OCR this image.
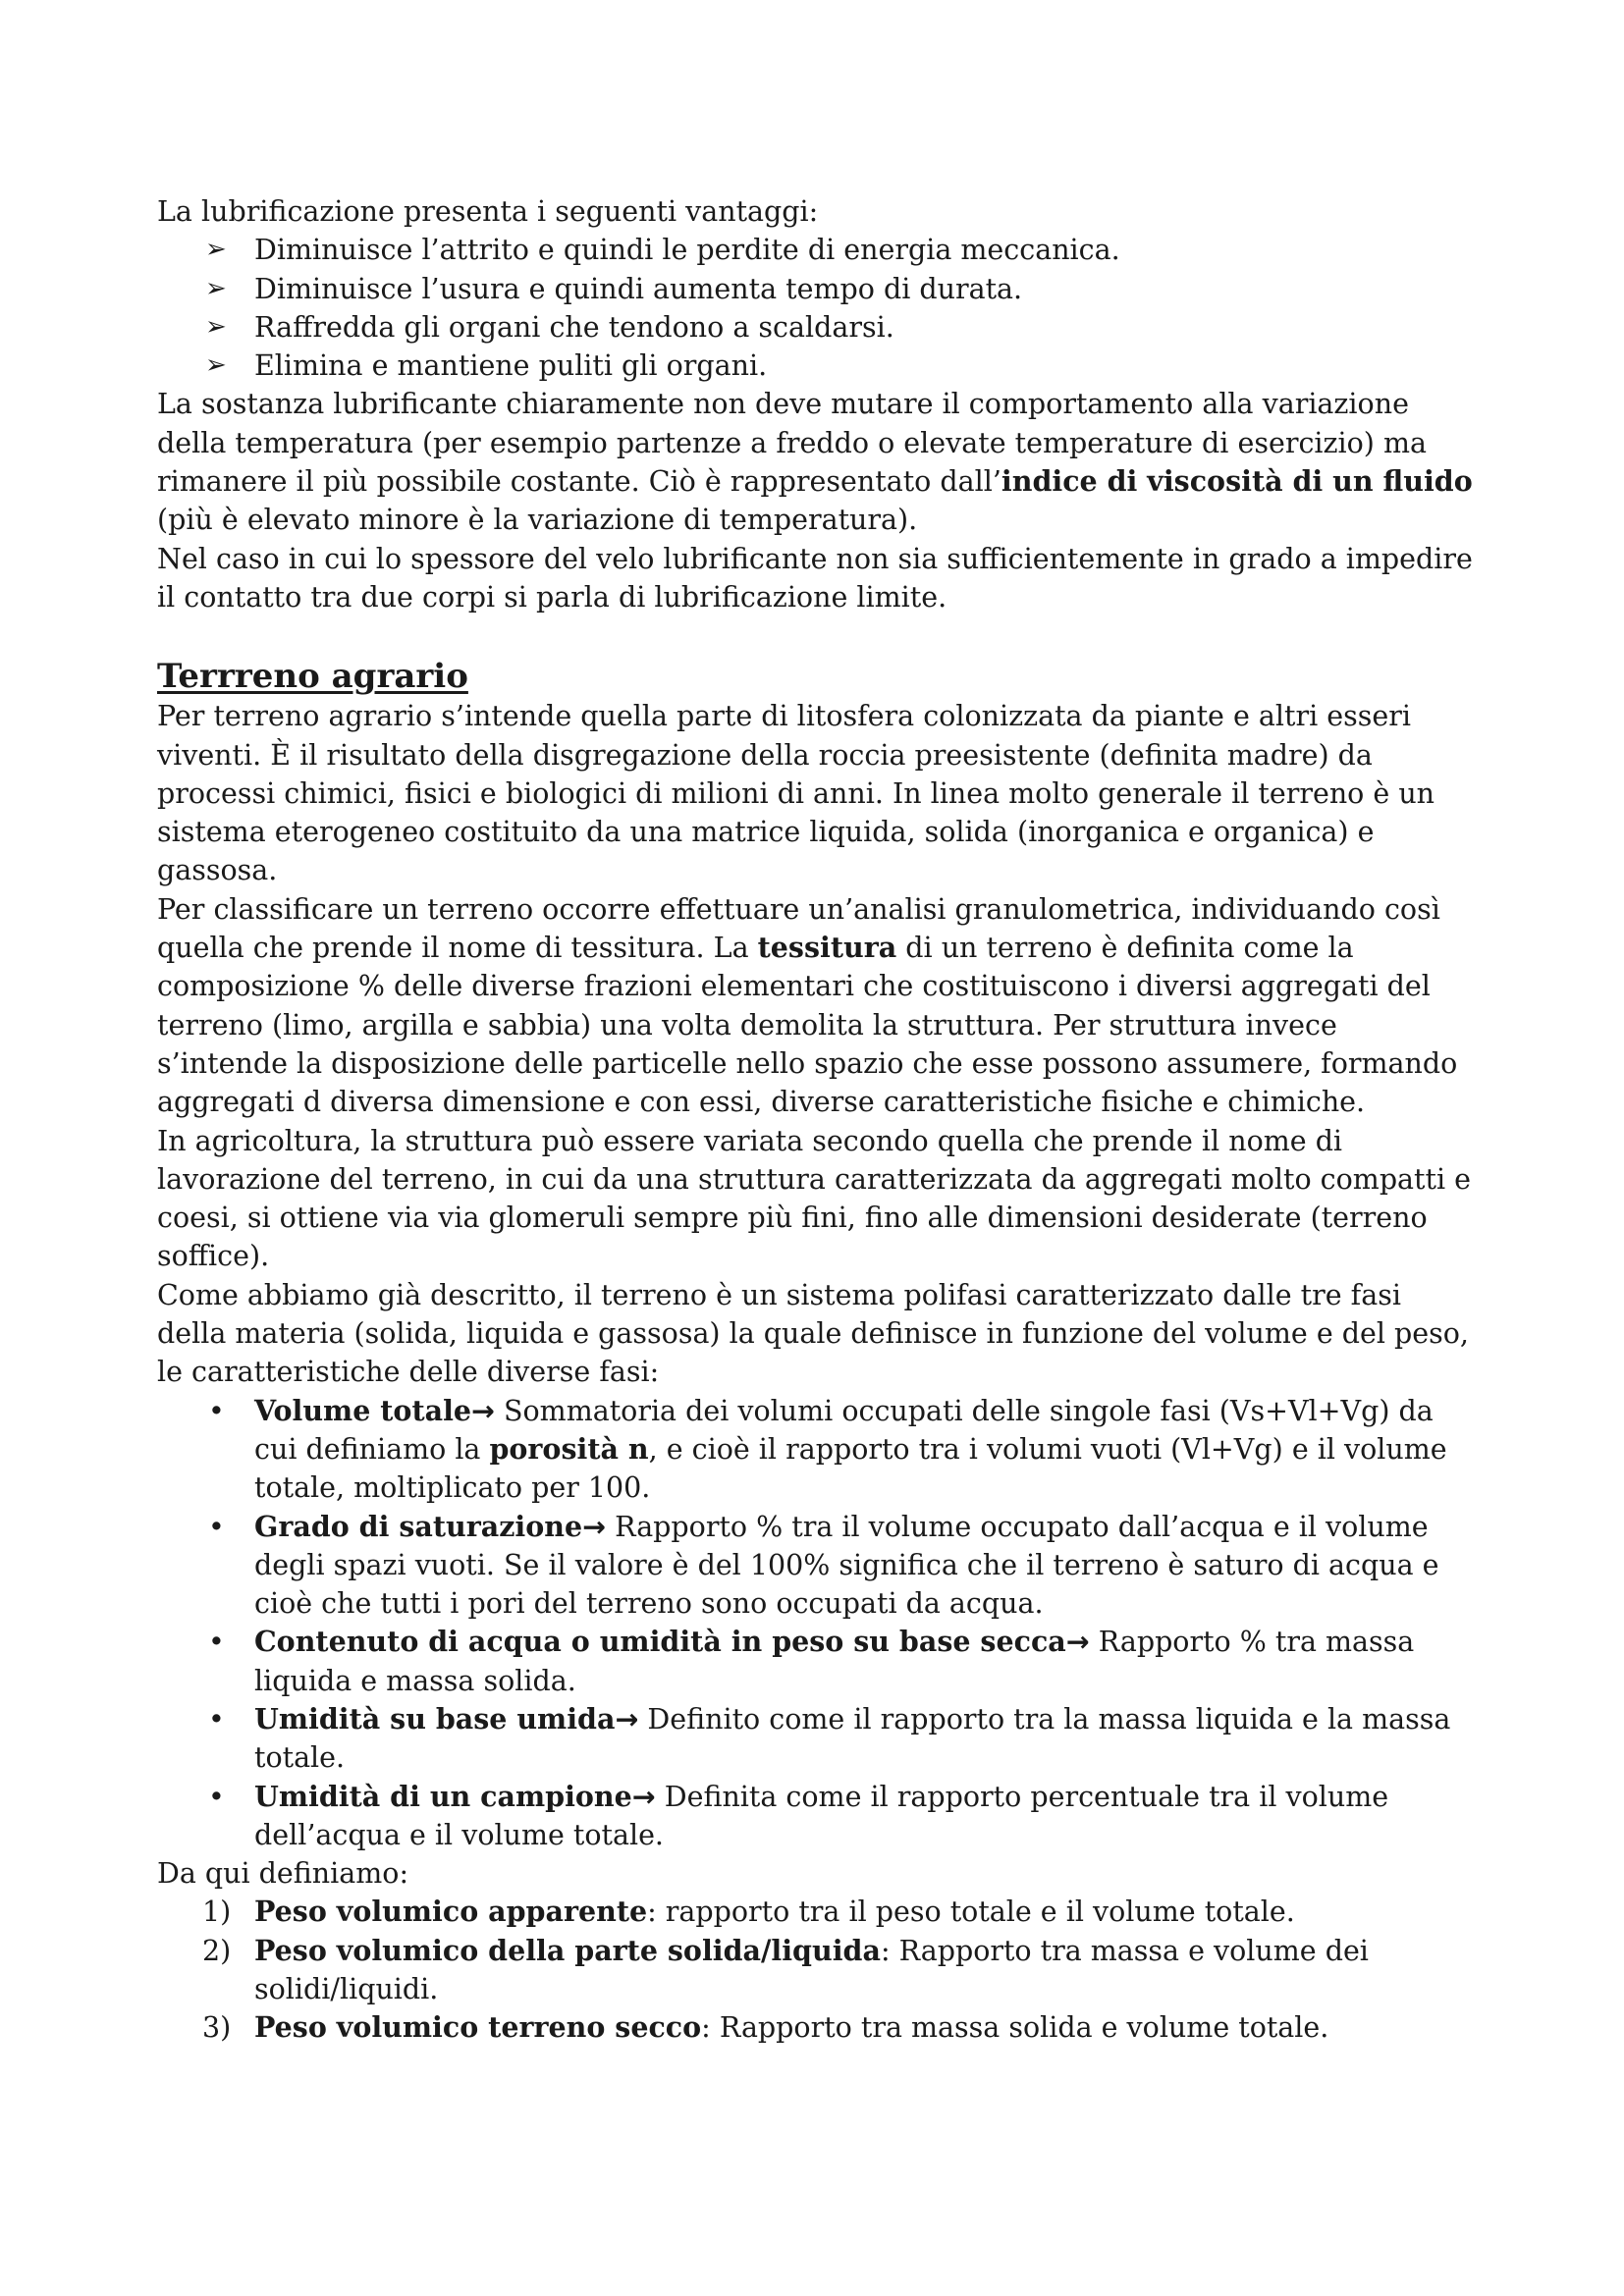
La lubrificazione presenta i seguenti vantaggi:

➢ Diminuisce l’attrito e quindi le perdite di energia meccanica.
➢ Diminuisce l’usura e quindi aumenta tempo di durata.
➢ Raffredda gli organi che tendono a scaldarsi.
➢ Elimina e mantiene puliti gli organi.

La sostanza lubrificante chiaramente non deve mutare il comportamento alla variazione della temperatura (per esempio partenze a freddo o elevate temperature di esercizio) ma rimanere il più possibile costante. Ciò è rappresentato dall’indice di viscosità di un fluido (più è elevato minore è la variazione di temperatura).

Nel caso in cui lo spessore del velo lubrificante non sia sufficientemente in grado a impedire il contatto tra due corpi si parla di lubrificazione limite.

Terrreno agrario

Per terreno agrario s’intende quella parte di litosfera colonizzata da piante e altri esseri viventi. È il risultato della disgregazione della roccia preesistente (definita madre) da processi chimici, fisici e biologici di milioni di anni. In linea molto generale il terreno è un sistema eterogeneo costituito da una matrice liquida, solida (inorganica e organica) e gassosa.

Per classificare un terreno occorre effettuare un’analisi granulometrica, individuando così quella che prende il nome di tessitura. La tessitura di un terreno è definita come la composizione % delle diverse frazioni elementari che costituiscono i diversi aggregati del terreno (limo, argilla e sabbia) una volta demolita la struttura. Per struttura invece s’intende la disposizione delle particelle nello spazio che esse possono assumere, formando aggregati d diversa dimensione e con essi, diverse caratteristiche fisiche e chimiche.

In agricoltura, la struttura può essere variata secondo quella che prende il nome di lavorazione del terreno, in cui da una struttura caratterizzata da aggregati molto compatti e coesi, si ottiene via via glomeruli sempre più fini, fino alle dimensioni desiderate (terreno soffice).

Come abbiamo già descritto, il terreno è un sistema polifasi caratterizzato dalle tre fasi della materia (solida, liquida e gassosa) la quale definisce in funzione del volume e del peso, le caratteristiche delle diverse fasi:

• Volume totale→ Sommatoria dei volumi occupati delle singole fasi (Vs+Vl+Vg) da cui definiamo la porosità n, e cioè il rapporto tra i volumi vuoti (Vl+Vg) e il volume totale, moltiplicato per 100.
• Grado di saturazione→ Rapporto % tra il volume occupato dall’acqua e il volume degli spazi vuoti. Se il valore è del 100% significa che il terreno è saturo di acqua e cioè che tutti i pori del terreno sono occupati da acqua.
• Contenuto di acqua o umidità in peso su base secca→ Rapporto % tra massa liquida e massa solida.
• Umidità su base umida→ Definito come il rapporto tra la massa liquida e la massa totale.
• Umidità di un campione→ Definita come il rapporto percentuale tra il volume dell’acqua e il volume totale.

Da qui definiamo:

1) Peso volumico apparente: rapporto tra il peso totale e il volume totale.
2) Peso volumico della parte solida/liquida: Rapporto tra massa e volume dei solidi/liquidi.
3) Peso volumico terreno secco: Rapporto tra massa solida e volume totale.
